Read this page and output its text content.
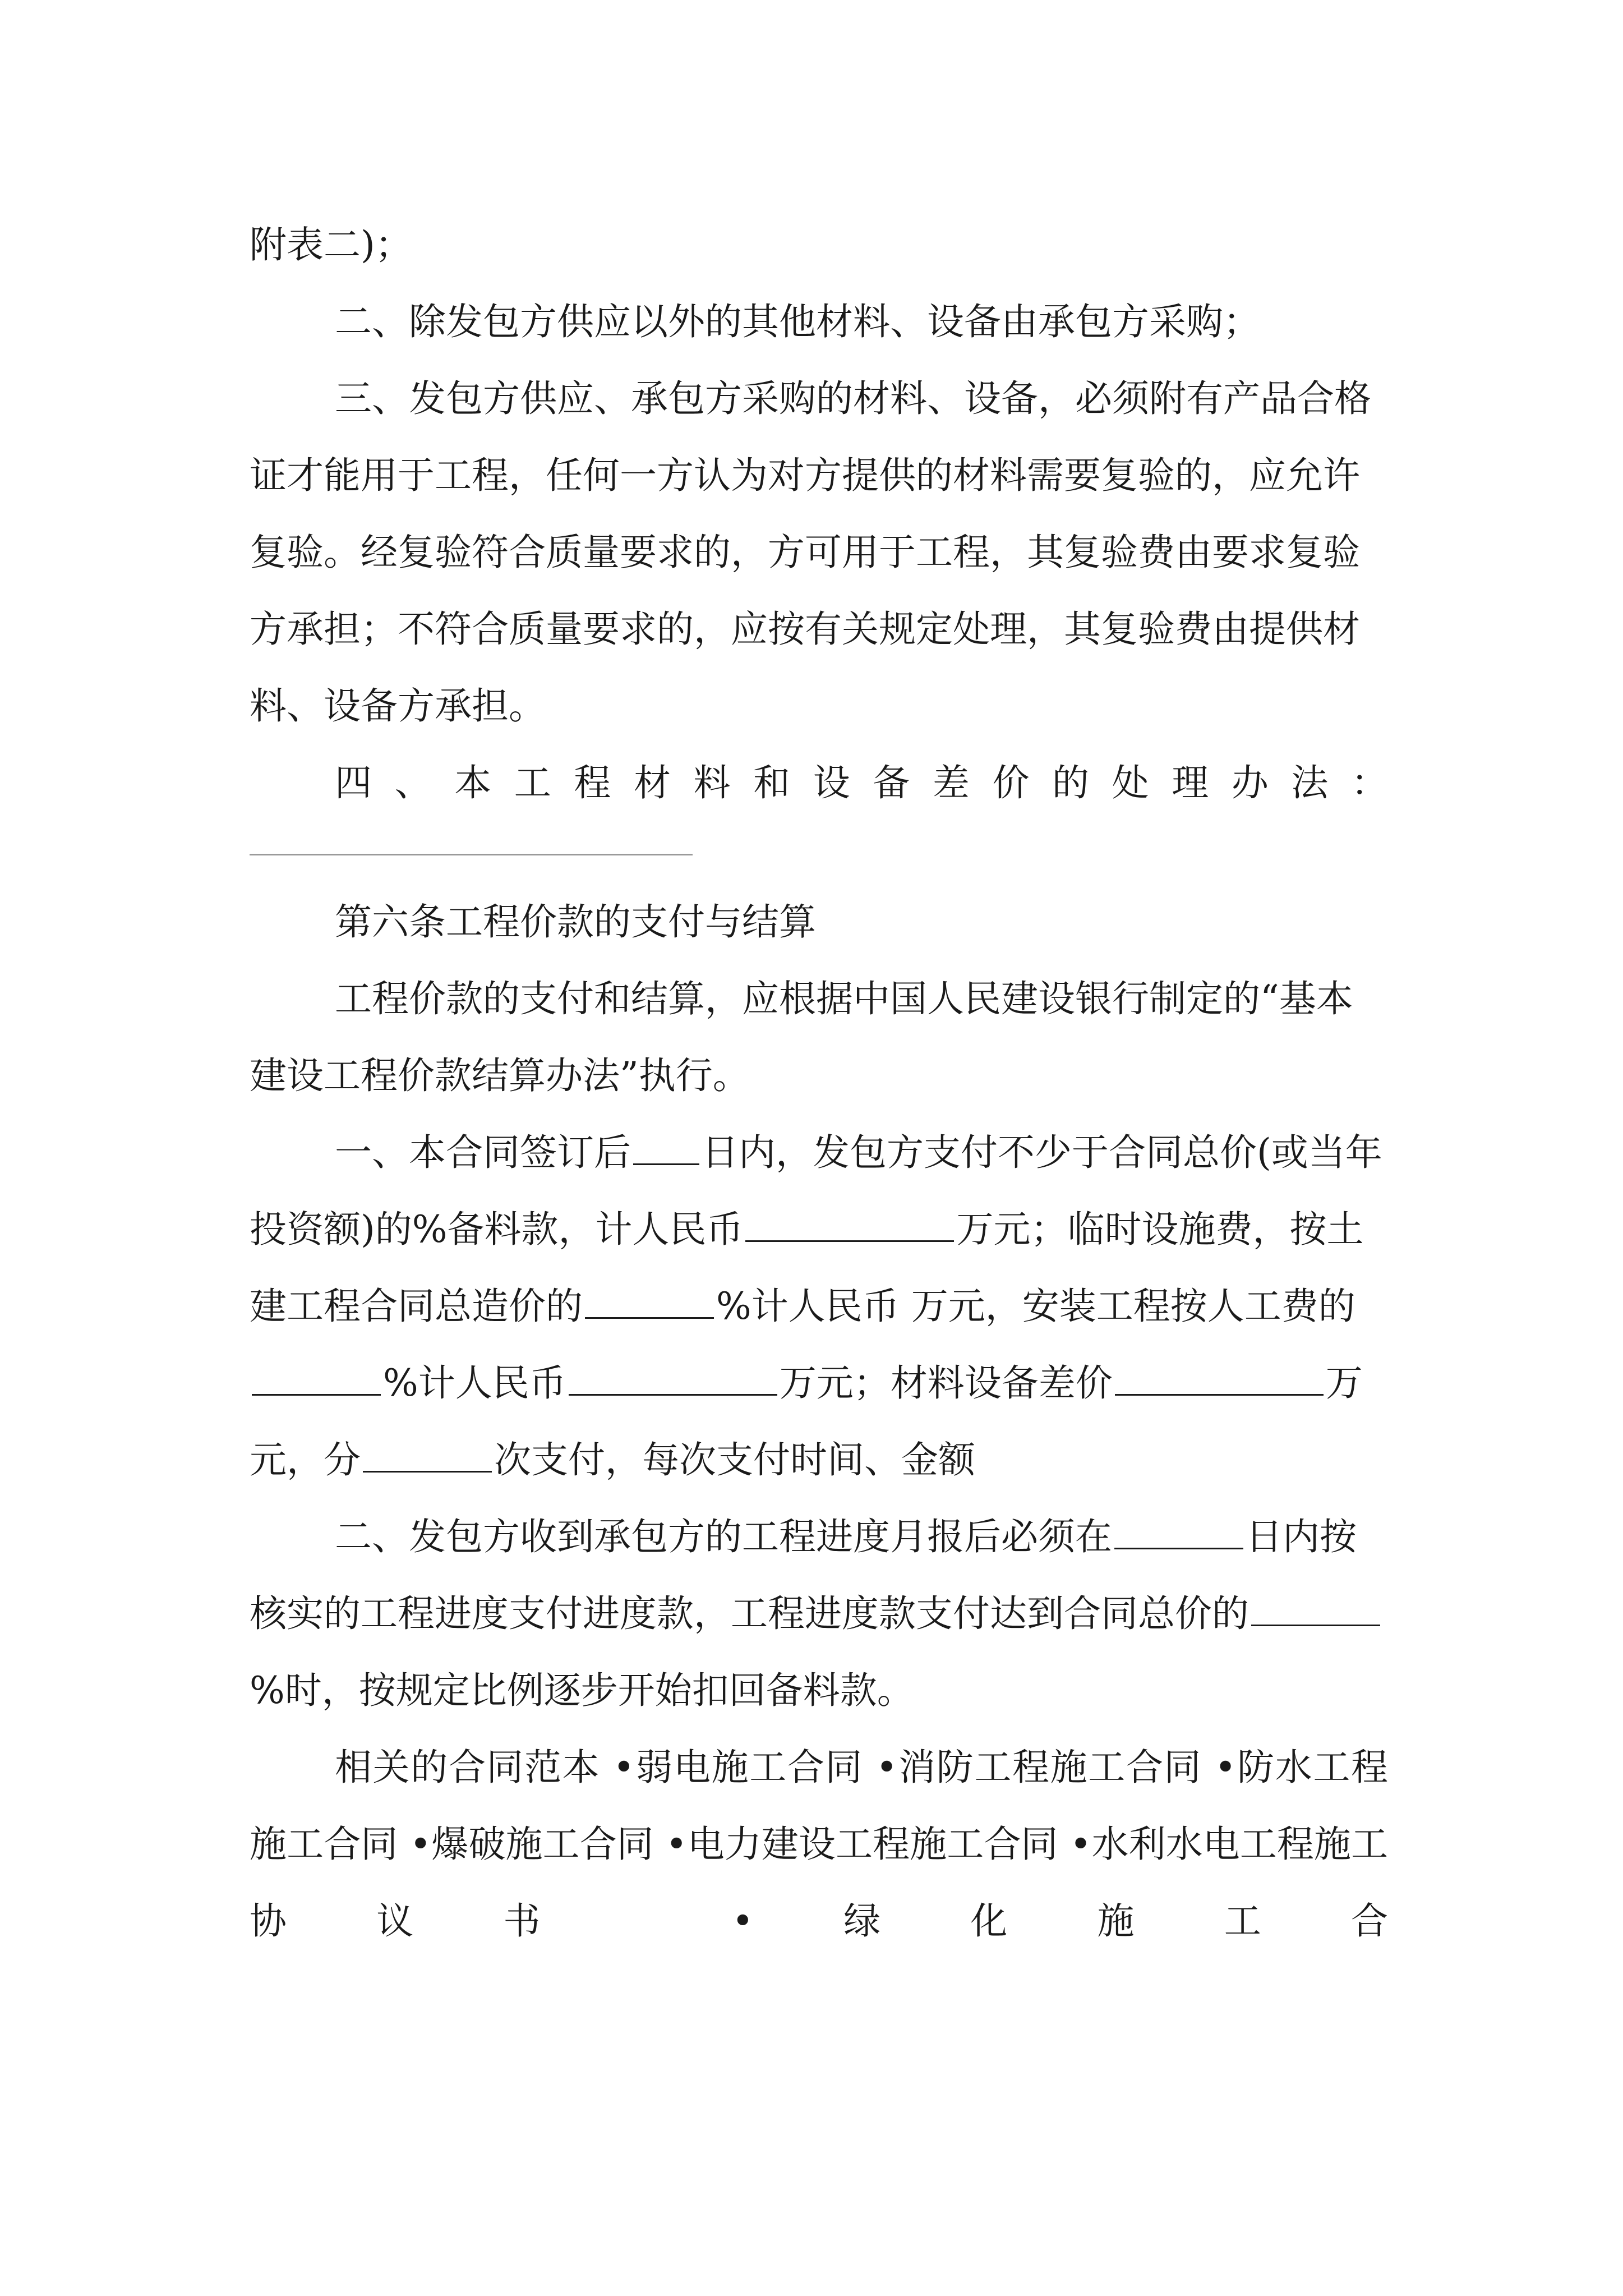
附表二)；

二、除发包方供应以外的其他材料、设备由承包方采购；

三、发包方供应、承包方采购的材料、设备，必须附有产品合格证才能用于工程，任何一方认为对方提供的材料需要复验的，应允许复验。经复验符合质量要求的，方可用于工程，其复验费由要求复验方承担；不符合质量要求的，应按有关规定处理，其复验费由提供材料、设备方承担。

四、本工程材料和设备差价的处理办法：

第六条工程价款的支付与结算

工程价款的支付和结算，应根据中国人民建设银行制定的“基本建设工程价款结算办法”执行。

一、本合同签订后 日内，发包方支付不少于合同总价(或当年投资额)的%备料款，计人民币	万元；临时设施费，按土建工程合同总造价的	%计人民币 万元，安装工程按人工费的%计人民币	万元；材料设备差价	万元，分	次支付，每次支付时间、金额

二、发包方收到承包方的工程进度月报后必须在	日内按核实的工程进度支付进度款，工程进度款支付达到合同总价的%时，按规定比例逐步开始扣回备料款。

相关的合同范本 •弱电施工合同 •消防工程施工合同 •防水工程施工合同 •爆破施工合同 •电力建设工程施工合同 •水利水电工程施工协议书 •绿化施工合
